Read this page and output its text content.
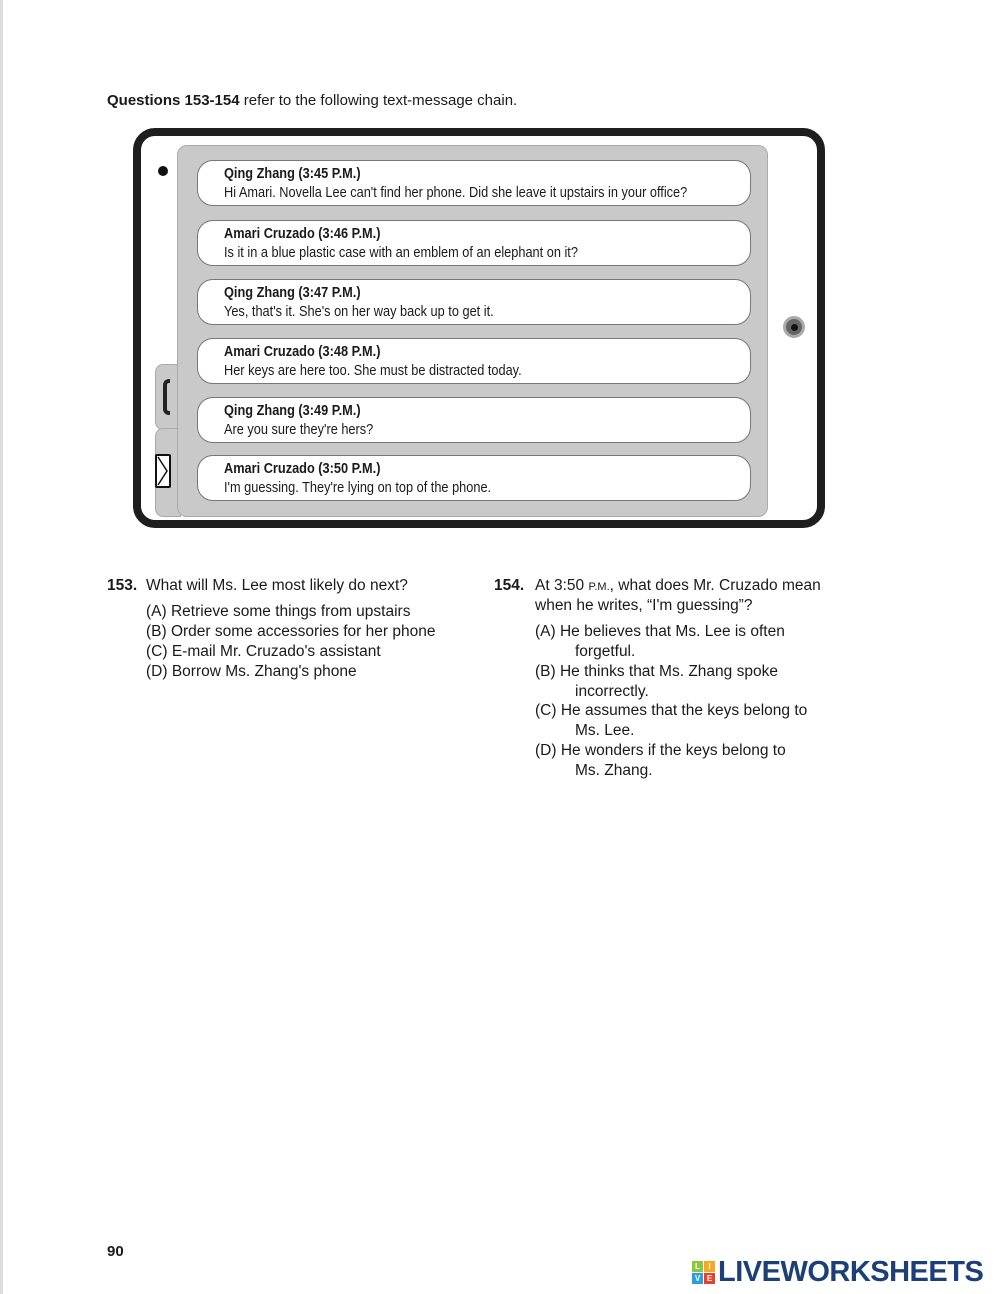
Questions 153-154 refer to the following text-message chain.
Qing Zhang (3:45 P.M.)
Hi Amari. Novella Lee can't find her phone. Did she leave it upstairs in your office?
Amari Cruzado (3:46 P.M.)
Is it in a blue plastic case with an emblem of an elephant on it?
Qing Zhang (3:47 P.M.)
Yes, that's it. She's on her way back up to get it.
Amari Cruzado (3:48 P.M.)
Her keys are here too. She must be distracted today.
Qing Zhang (3:49 P.M.)
Are you sure they're hers?
Amari Cruzado (3:50 P.M.)
I'm guessing. They're lying on top of the phone.
153. What will Ms. Lee most likely do next?
(A) Retrieve some things from upstairs
(B) Order some accessories for her phone
(C) E-mail Mr. Cruzado's assistant
(D) Borrow Ms. Zhang's phone
154. At 3:50 P.M., what does Mr. Cruzado mean
when he writes, “I'm guessing”?
(A) He believes that Ms. Lee is often
forgetful.
(B) He thinks that Ms. Zhang spoke
incorrectly.
(C) He assumes that the keys belong to
Ms. Lee.
(D) He wonders if the keys belong to
Ms. Zhang.
90
L	I
V E LIVEWORKSHEETS
